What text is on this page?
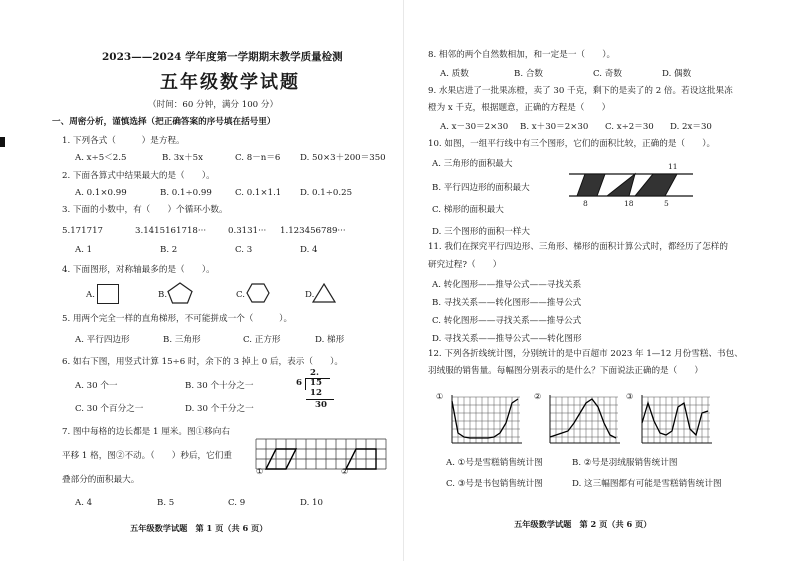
2023——2024 学年度第一学期期末教学质量检测
五年级数学试题
（时间：60 分钟，满分 100 分）
一、周密分析，谨慎选择（把正确答案的序号填在括号里）
1. 下列各式（　　　）是方程。
A. x÷5＜2.5	B. 3x＋5x	C. 8－n＝6 D. 50×3＋200＝350
2. 下面各算式中结果最大的是（　　）。
A. 0.1×0.99	B. 0.1÷0.99	C. 0.1×1.1 D. 0.1÷0.25
3. 下面的小数中，有（　　）个循环小数。
5.171717	3.1415161718···	0.3131··· 1.123456789···
A. 1	B. 2	C. 3	D. 4
4. 下面图形，对称轴最多的是（　　）。
A.	B.	C.	D.
5. 用两个完全一样的直角梯形，不可能拼成一个（　　　）。
A. 平行四边形	B. 三角形	C. 正方形	D. 梯形
6. 如右下图，用竖式计算 15÷6 时，余下的 3 掉上 0 后，表示（　　）。
A. 30 个一	B. 30 个十分之一
C. 30 个百分之一	D. 30 个千分之一
2.
6 15
12
30
7. 图中每格的边长都是 1 厘米。图①移向右
平移 1 格，图②不动。（　　）秒后，它们重
叠部分的面积最大。
A. 4	B. 5	C. 9	D. 10
①	②
五年级数学试题　第 1 页（共 6 页）
8. 相邻的两个自然数相加，和一定是一（　　）。
A. 质数	B. 合数	C. 奇数	D. 偶数
9. 水果店进了一批果冻橙，卖了 30 千克，剩下的是卖了的 2 倍。若设这批果冻
橙为 x 千克，根据题意，正确的方程是（　　）
A. x－30＝2×30 B. x＋30＝2×30 C. x÷2＝30 D. 2x＝30
10. 如图，一组平行线中有三个图形，它们的面积比较，正确的是（　　）。
A. 三角形的面积最大
B. 平行四边形的面积最大
C. 梯形的面积最大
D. 三个图形的面积一样大
11
8	18	5
11. 我们在探究平行四边形、三角形、梯形的面积计算公式时，都经历了怎样的
研究过程?（　　）
A. 转化图形——推导公式——寻找关系
B. 寻找关系——转化图形——推导公式
C. 转化图形——寻找关系——推导公式
D. 寻找关系——推导公式——转化图形
12. 下列各折线统计图，分别统计的是中百超市 2023 年 1—12 月份雪糕、书包、
羽绒服的销售量。每幅图分别表示的是什么？下面说法正确的是（　　）
①	②	③
A. ①号是雪糕销售统计图	B. ②号是羽绒服销售统计图
C. ③号是书包销售统计图	D. 这三幅图都有可能是雪糕销售统计图
五年级数学试题　第 2 页（共 6 页）
